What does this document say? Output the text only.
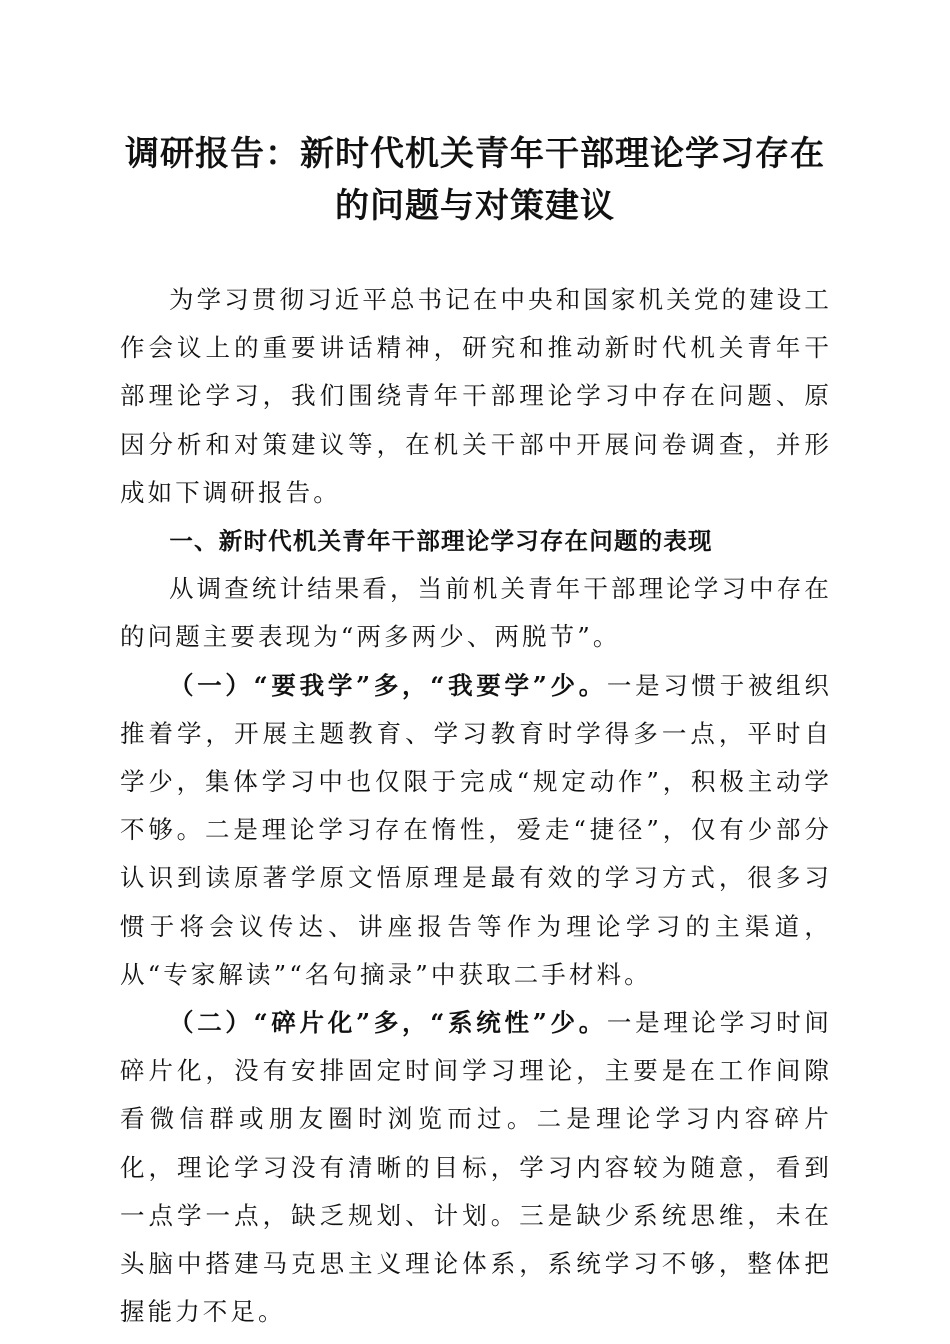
调研报告：新时代机关青年干部理论学习存在
的问题与对策建议

为学习贯彻习近平总书记在中央和国家机关党的建设工作会议上的重要讲话精神，研究和推动新时代机关青年干部理论学习，我们围绕青年干部理论学习中存在问题、原因分析和对策建议等，在机关干部中开展问卷调查，并形成如下调研报告。

一、新时代机关青年干部理论学习存在问题的表现

从调查统计结果看，当前机关青年干部理论学习中存在的问题主要表现为“两多两少、两脱节”。

（一）“要我学”多，“我要学”少。一是习惯于被组织推着学，开展主题教育、学习教育时学得多一点，平时自学少，集体学习中也仅限于完成“规定动作”，积极主动学不够。二是理论学习存在惰性，爱走“捷径”，仅有少部分认识到读原著学原文悟原理是最有效的学习方式，很多习惯于将会议传达、讲座报告等作为理论学习的主渠道，从“专家解读”“名句摘录”中获取二手材料。

（二）“碎片化”多，“系统性”少。一是理论学习时间碎片化，没有安排固定时间学习理论，主要是在工作间隙看微信群或朋友圈时浏览而过。二是理论学习内容碎片化，理论学习没有清晰的目标，学习内容较为随意，看到一点学一点，缺乏规划、计划。三是缺少系统思维，未在头脑中搭建马克思主义理论体系，系统学习不够，整体把握能力不足。
